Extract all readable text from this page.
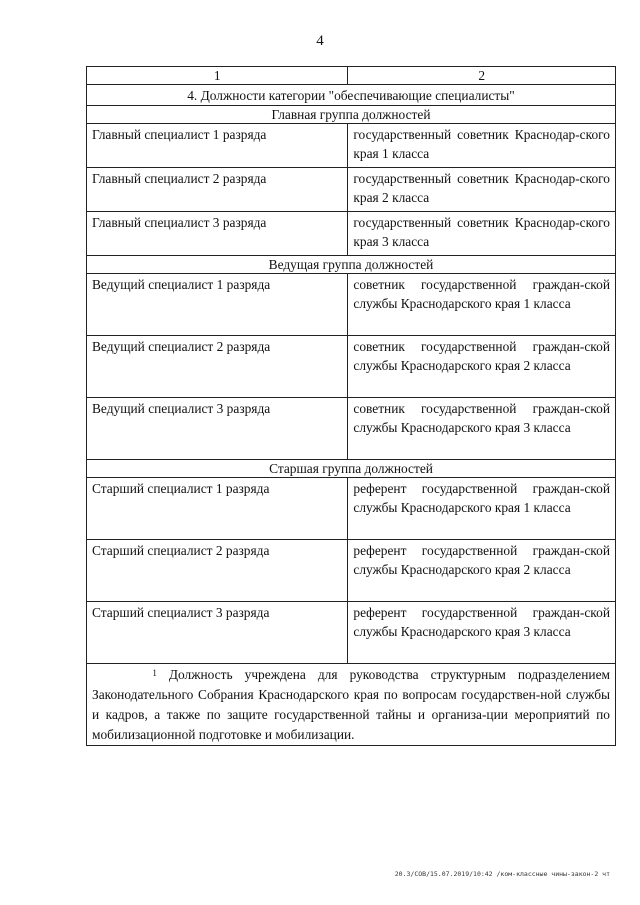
4
1	2
4. Должности категории "обеспечивающие специалисты"	
Главная группа должностей	
Главный специалист 1 разряда	государственный советник Краснодар-ского края 1 класса
Главный специалист 2 разряда	государственный советник Краснодар-ского края 2 класса
Главный специалист 3 разряда	государственный советник Краснодар-ского края 3 класса
Ведущая группа должностей	
Ведущий специалист 1 разряда	советник государственной граждан-ской службы Краснодарского края 1 класса
Ведущий специалист 2 разряда	советник государственной граждан-ской службы Краснодарского края 2 класса
Ведущий специалист 3 разряда	советник государственной граждан-ской службы Краснодарского края 3 класса
Старшая группа должностей	
Старший специалист 1 разряда	референт государственной граждан-ской службы Краснодарского края 1 класса
Старший специалист 2 разряда	референт государственной граждан-ской службы Краснодарского края 2 класса
Старший специалист 3 разряда	референт государственной граждан-ской службы Краснодарского края 3 класса
$^1$ Должность учреждена для руководства структурным подразделением Законодательного Собрания Краснодарского края по вопросам государствен-ной службы и кадров, а также по защите государственной тайны и организа-ции мероприятий по мобилизационной подготовке и мобилизации.	
20.3/СОВ/15.07.2019/10:42 /ком-классные чины-закон-2 чт
